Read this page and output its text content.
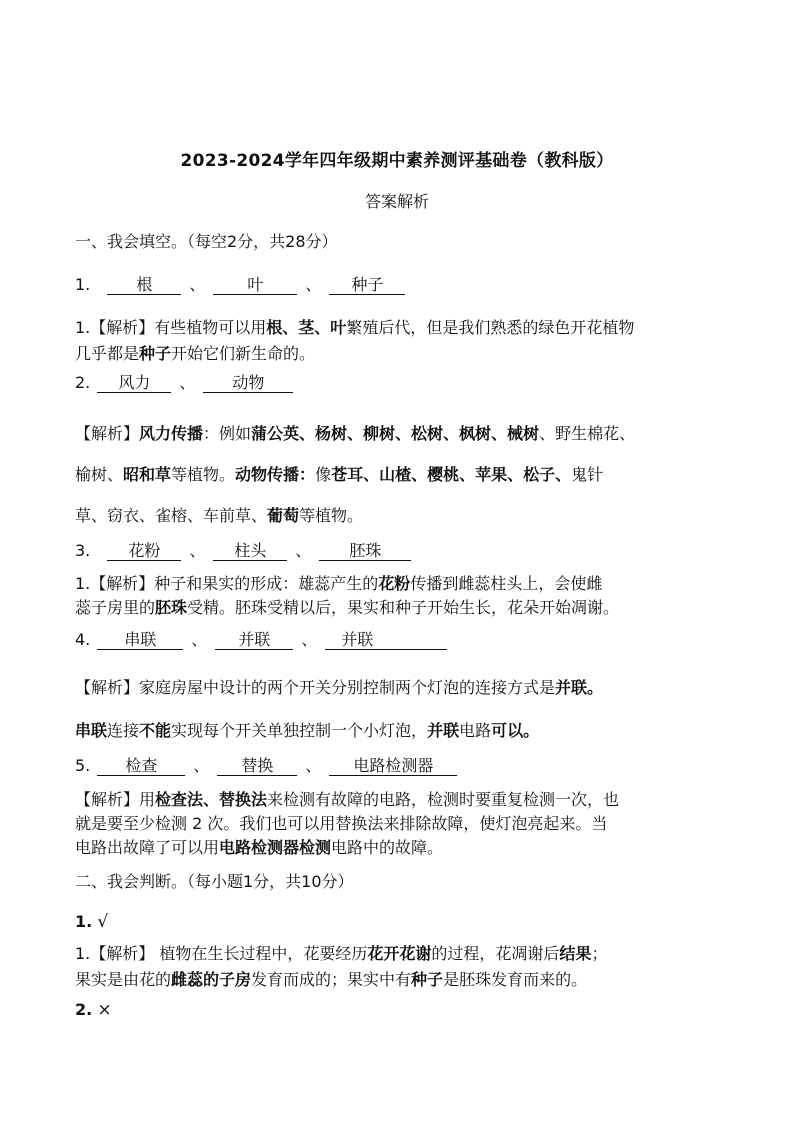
2023-2024学年四年级期中素养测评基础卷（教科版）
答案解析
一、我会填空。（每空2分，共28分）
1.	根 、	叶	、 种子
1.【解析】有些植物可以用根、茎、叶繁殖后代，但是我们熟悉的绿色开花植物
几乎都是种子开始它们新生命的。
2. 风力 、 动物
【解析】风力传播：例如蒲公英、杨树、柳树、松树、枫树、械树、野生棉花、
榆树、昭和草等植物。动物传播：像苍耳、山楂、樱桃、苹果、松子、鬼针
草、窃衣、雀榕、车前草、葡萄等植物。
3. 花粉 、 柱头 、 胚珠
1.【解析】种子和果实的形成：雄蕊产生的花粉传播到雌蕊柱头上，会使雌
蕊子房里的胚珠受精。胚珠受精以后，果实和种子开始生长，花朵开始凋谢。
4. 串联 、 并联 、 并联
【解析】家庭房屋中设计的两个开关分别控制两个灯泡的连接方式是并联。
串联连接不能实现每个开关单独控制一个小灯泡，并联电路可以。
5. 检查 、 替换 、 电路检测器
【解析】用检查法、替换法来检测有故障的电路，检测时要重复检测一次，也
就是要至少检测 2 次。我们也可以用替换法来排除故障，使灯泡亮起来。当
电路出故障了可以用电路检测器检测电路中的故障。
二、我会判断。（每小题1分，共10分）
1. √
1.【解析】 植物在生长过程中，花要经历花开花谢的过程，花凋谢后结果；
果实是由花的雌蕊的子房发育而成的；果实中有种子是胚珠发育而来的。
2. ×
